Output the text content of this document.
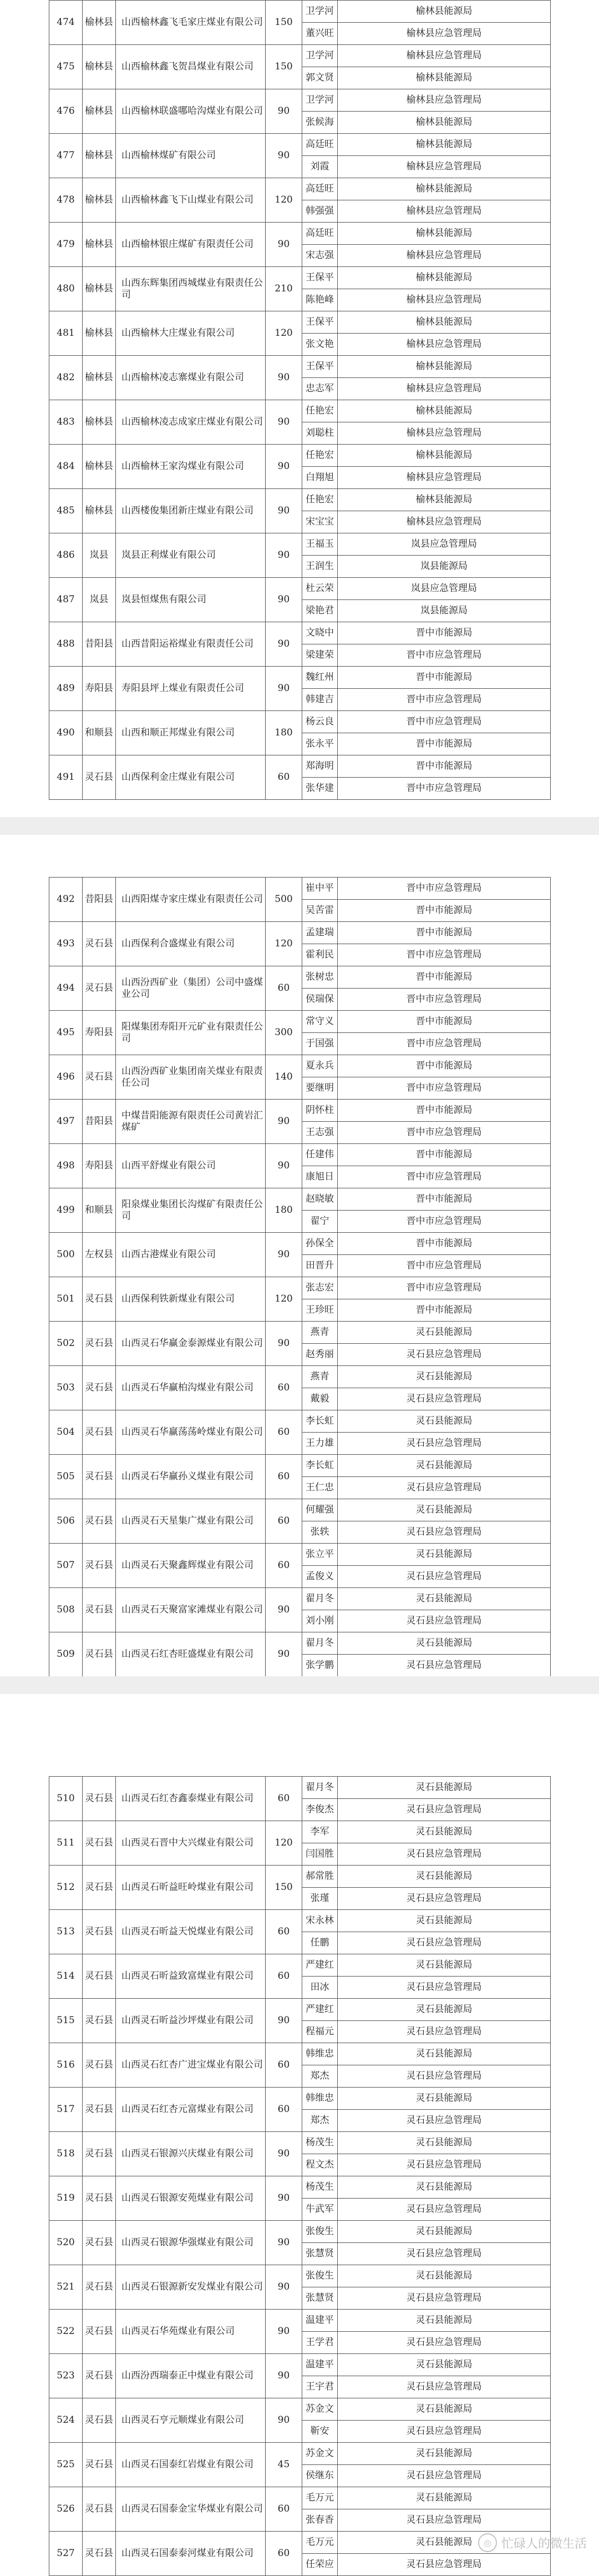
474	榆林县	山西榆林鑫飞毛家庄煤业有限公司	150	卫学河	榆林县能源局
				董兴旺	榆林县应急管理局
475	榆林县	山西榆林鑫飞贺昌煤业有限公司	150	卫学河	榆林县应急管理局
				郭文贤	榆林县能源局
476	榆林县	山西榆林联盛哪哈沟煤业有限公司	90	卫学河	榆林县应急管理局
				张候海	榆林县能源局
477	榆林县	山西榆林煤矿有限公司	90	高廷旺	榆林县能源局
				刘霞	榆林县应急管理局
478	榆林县	山西榆林鑫飞下山煤业有限公司	120	高廷旺	榆林县能源局
				韩强强	榆林县应急管理局
479	榆林县	山西榆林银庄煤矿有限责任公司	90	高廷旺	榆林县能源局
				宋志强	榆林县应急管理局
480	榆林县	山西东辉集团西城煤业有限责任公司	210	王保平	榆林县能源局
				陈艳峰	榆林县应急管理局
481	榆林县	山西榆林大庄煤业有限公司	120	王保平	榆林县能源局
				张文艳	榆林县应急管理局
482	榆林县	山西榆林凌志寨煤业有限公司	90	王保平	榆林县能源局
				忠志军	榆林县应急管理局
483	榆林县	山西榆林凌志成家庄煤业有限公司	90	任艳宏	榆林县能源局
				刘聪柱	榆林县应急管理局
484	榆林县	山西榆林王家沟煤业有限公司	90	任艳宏	榆林县能源局
				白翔旭	榆林县应急管理局
485	榆林县	山西楼俊集团新庄煤业有限公司	90	任艳宏	榆林县能源局
				宋宝宝	榆林县应急管理局
486	岚县	岚县正利煤业有限公司	90	王福玉	岚县应急管理局
				王润生	岚县能源局
487	岚县	岚县恒煤焦有限公司	90	杜云荣	岚县应急管理局
				梁艳君	岚县能源局
488	昔阳县	山西昔阳运裕煤业有限责任公司	90	文晓中	晋中市能源局
				梁建荣	晋中市应急管理局
489	寿阳县	寿阳县坪上煤业有限责任公司	90	魏红州	晋中市能源局
				韩建吉	晋中市应急管理局
490	和顺县	山西和顺正邦煤业有限公司	180	杨云良	晋中市应急管理局
				张永平	晋中市能源局
491	灵石县	山西保利金庄煤业有限公司	60	郑海明	晋中市能源局
				张华建	晋中市应急管理局
492	昔阳县	山西阳煤寺家庄煤业有限责任公司	500	崔中平	晋中市应急管理局
				吴苦雷	晋中市能源局
493	灵石县	山西保利合盛煤业有限公司	120	孟建瑞	晋中市能源局
				霍利民	晋中市应急管理局
494	灵石县	山西汾西矿业（集团）公司中盛煤业公司	60	张树忠	晋中市能源局
				侯瑞保	晋中市应急管理局
495	寿阳县	阳煤集团寿阳开元矿业有限责任公司	300	常守义	晋中市能源局
				于国强	晋中市应急管理局
496	灵石县	山西汾西矿业集团南关煤业有限责任公司	140	夏永兵	晋中市能源局
				要继明	晋中市应急管理局
497	昔阳县	中煤昔阳能源有限责任公司黄岩汇煤矿	90	阴怀柱	晋中市能源局
				王志强	晋中市应急管理局
498	寿阳县	山西平舒煤业有限公司	90	任建伟	晋中市能源局
				康旭日	晋中市应急管理局
499	和顺县	阳泉煤业集团长沟煤矿有限责任公司	180	赵晓敏	晋中市能源局
				翟宁	晋中市应急管理局
500	左权县	山西古港煤业有限公司	90	孙保全	晋中市能源局
				田晋升	晋中市应急管理局
501	灵石县	山西保利铁新煤业有限公司	120	张志宏	晋中市应急管理局
				王珍旺	晋中市能源局
502	灵石县	山西灵石华赢金泰源煤业有限公司	90	燕青	灵石县能源局
				赵秀丽	灵石县应急管理局
503	灵石县	山西灵石华赢柏沟煤业有限公司	60	燕青	灵石县能源局
				戴毅	灵石县应急管理局
504	灵石县	山西灵石华赢荡荡岭煤业有限公司	60	李长虹	灵石县能源局
				王力雄	灵石县应急管理局
505	灵石县	山西灵石华赢孙义煤业有限公司	60	李长虹	灵石县能源局
				王仁忠	灵石县应急管理局
506	灵石县	山西灵石天星集广煤业有限公司	60	何耀强	灵石县能源局
				张轶	灵石县应急管理局
507	灵石县	山西灵石天聚鑫辉煤业有限公司	60	张立平	灵石县能源局
				孟俊义	灵石县应急管理局
508	灵石县	山西灵石天聚富家滩煤业有限公司	90	翟月冬	灵石县能源局
				刘小刚	灵石县应急管理局
509	灵石县	山西灵石红杏旺盛煤业有限公司	90	翟月冬	灵石县能源局
				张学鹏	灵石县应急管理局
510	灵石县	山西灵石红杏鑫泰煤业有限公司	60	翟月冬	灵石县能源局
				李俊杰	灵石县应急管理局
511	灵石县	山西灵石晋中大兴煤业有限公司	120	李军	灵石县能源局
				闫国胜	灵石县应急管理局
512	灵石县	山西灵石昕益旺岭煤业有限公司	150	郝常胜	灵石县能源局
				张瑾	灵石县应急管理局
513	灵石县	山西灵石昕益天悦煤业有限公司	60	宋永林	灵石县能源局
				任鹏	灵石县应急管理局
514	灵石县	山西灵石昕益致富煤业有限公司	60	严建红	灵石县能源局
				田冰	灵石县应急管理局
515	灵石县	山西灵石昕益沙坪煤业有限公司	90	严建红	灵石县能源局
				程福元	灵石县应急管理局
516	灵石县	山西灵石红杏广进宝煤业有限公司	60	韩维忠	灵石县能源局
				郑杰	灵石县应急管理局
517	灵石县	山西灵石红杏元富煤业有限公司	60	韩维忠	灵石县能源局
				郑杰	灵石县应急管理局
518	灵石县	山西灵石银源兴庆煤业有限公司	90	杨茂生	灵石县能源局
				程文杰	灵石县应急管理局
519	灵石县	山西灵石银源安苑煤业有限公司	90	杨茂生	灵石县能源局
				牛武军	灵石县应急管理局
520	灵石县	山西灵石银源华强煤业有限公司	90	张俊生	灵石县能源局
				张慧贤	灵石县应急管理局
521	灵石县	山西灵石银源新安发煤业有限公司	90	张俊生	灵石县能源局
				张慧贤	灵石县应急管理局
522	灵石县	山西灵石华苑煤业有限公司	90	温建平	灵石县能源局
				王学君	灵石县应急管理局
523	灵石县	山西汾西瑞泰正中煤业有限公司	90	温建平	灵石县能源局
				王宇君	灵石县应急管理局
524	灵石县	山西灵石亨元顺煤业有限公司	90	苏金文	灵石县能源局
				靳安	灵石县应急管理局
525	灵石县	山西灵石国泰红岩煤业有限公司	45	苏金文	灵石县能源局
				侯继东	灵石县应急管理局
526	灵石县	山西灵石国泰金宝华煤业有限公司	60	毛万元	灵石县能源局
				张春香	灵石县应急管理局
527	灵石县	山西灵石国泰泰河煤业有限公司	60	毛万元	灵石县能源局
				任荣应	灵石县应急管理局
◎ 忙碌人的微生活
